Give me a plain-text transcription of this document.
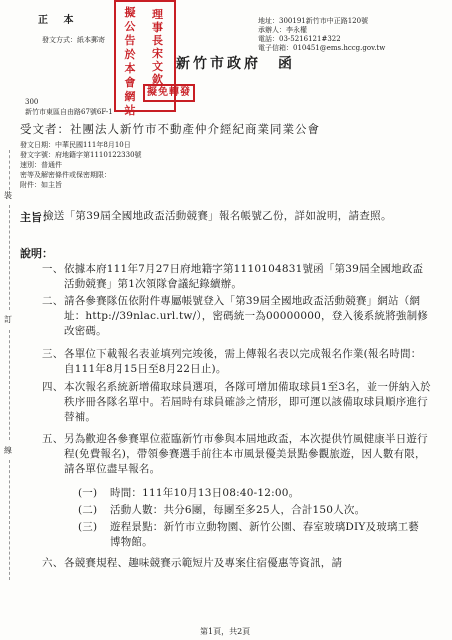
正 本
發文方式：紙本郵寄
擬
公
告
於
本
會
網
站
理
事
長
宋
文
欽
擬免轉發
新竹市政府　函
地址：300191新竹市中正路120號
承辦人：李永權
電話：03-5216121#322
電子信箱：010451@ems.hccg.gov.tw
300
新竹市東區自由路67號6F-1
受文者：社團法人新竹市不動產仲介經紀商業同業公會
發文日期：中華民國111年8月10日
發文字號：府地籍字第1110122330號
速別：普通件
密等及解密條件或保密期限：
附件：如主旨
主旨：
檢送「第39屆全國地政盃活動競賽」報名帳號乙份，詳如說明，請查照。
說明：
一、 依據本府111年7月27日府地籍字第1110104831號函「第39屆全國地政盃活動競賽」第1次領隊會議紀錄續辦。
二、 請各參賽隊伍依附件專屬帳號登入「第39屆全國地政盃活動競賽」網站（網址：http://39nlac.url.tw/），密碼統一為00000000，登入後系統將強制修改密碼。
三、 各單位下載報名表並填列完竣後，需上傳報名表以完成報名作業(報名時間：自111年8月15日至8月22日止)。
四、 本次報名系統新增備取球員選項，各隊可增加備取球員1至3名，並一併納入於秩序冊各隊名單中。若屆時有球員確診之情形，即可運以該備取球員順序進行替補。
五、 另為歡迎各參賽單位蒞臨新竹市參與本屆地政盃，本次提供竹風健康半日遊行程(免費報名)，帶領參賽選手前往本市風景優美景點參觀旅遊，因人數有限，請各單位盡早報名。
(一)	時間：111年10月13日08:40-12:00。
(二)	活動人數：共分6團，每團至多25人，合計150人次。
(三)	遊程景點：新竹市立動物園、新竹公園、春室玻璃DIY及玻璃工藝博物館。
六、 各競賽規程、趣味競賽示範短片及專案住宿優惠等資訊，請
裝
訂
線
第1頁，共2頁
